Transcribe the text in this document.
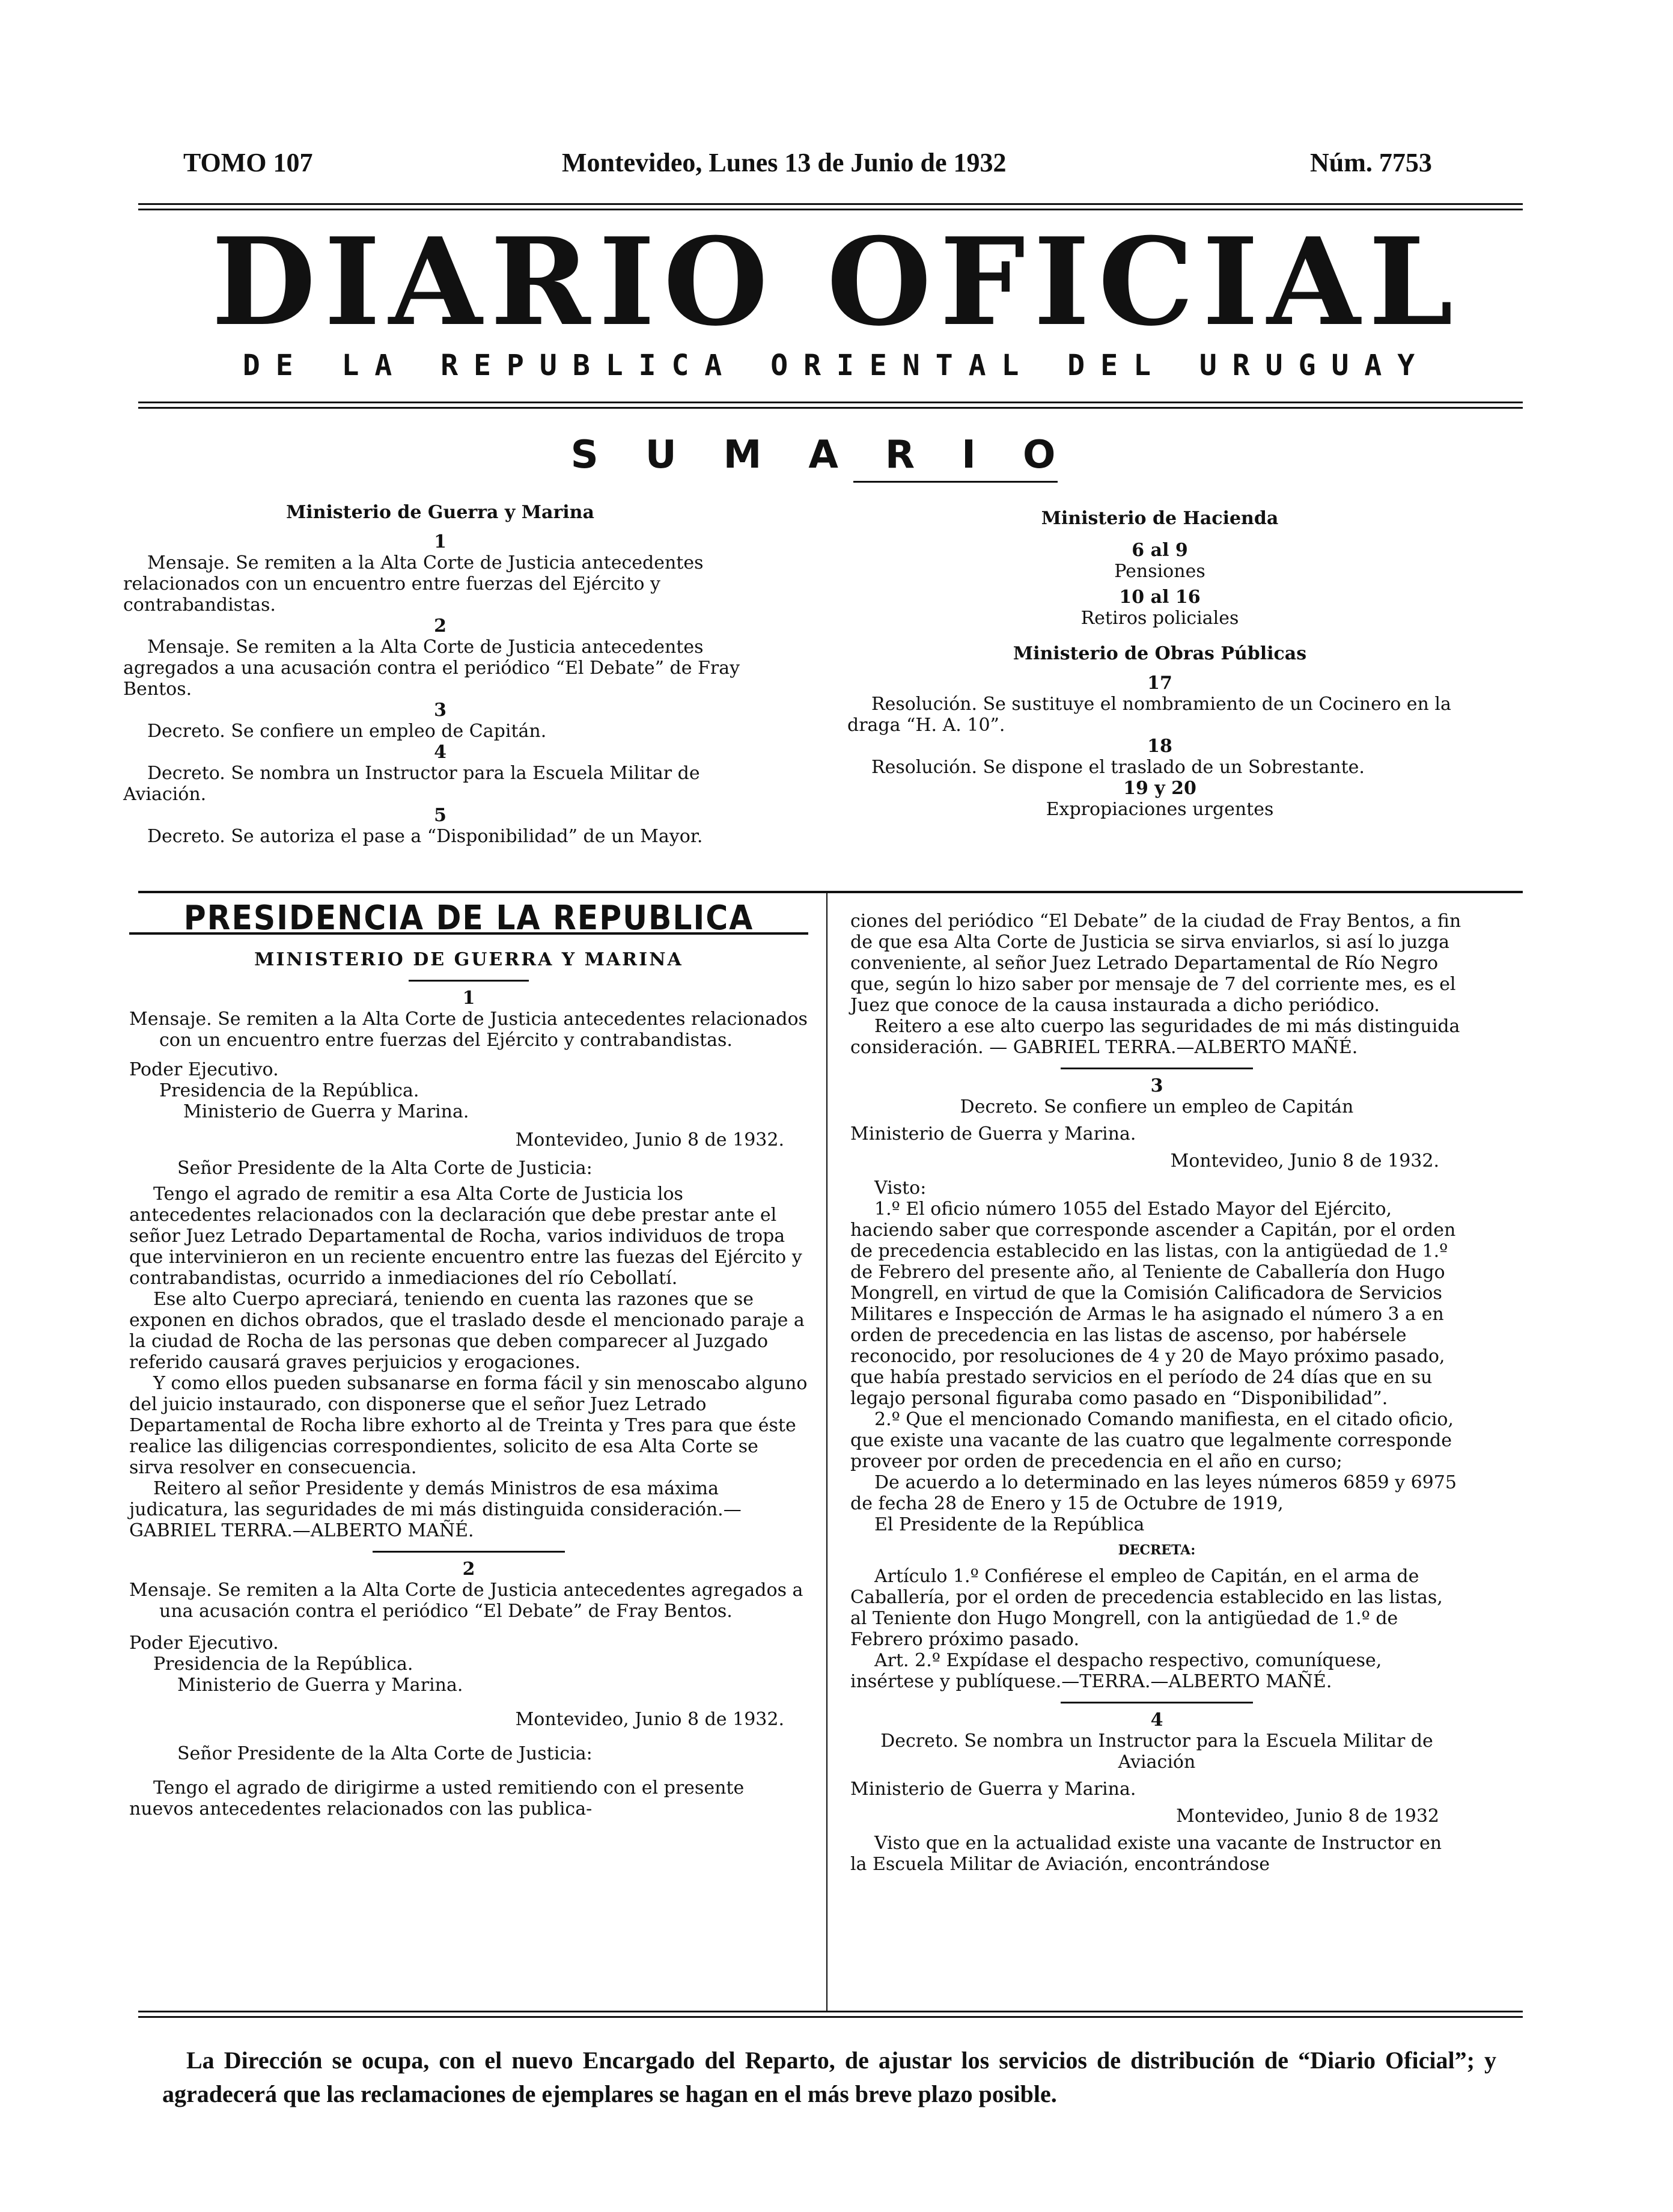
TOMO 107	Montevideo, Lunes 13 de Junio de 1932	Núm. 7753
DIARIO OFICIAL
DE LA REPUBLICA ORIENTAL DEL URUGUAY
SUMARIO

Ministerio de Guerra y Marina

1

Mensaje. Se remiten a la Alta Corte de Justicia antecedentes relacionados con un encuentro entre fuerzas del Ejército y contrabandistas.

2

Mensaje. Se remiten a la Alta Corte de Justicia antecedentes agregados a una acusación contra el periódico “El Debate” de Fray Bentos.

3

Decreto. Se confiere un empleo de Capitán.

4

Decreto. Se nombra un Instructor para la Escuela Militar de Aviación.

5

Decreto. Se autoriza el pase a “Disponibilidad” de un Mayor.

Ministerio de Hacienda

6 al 9

Pensiones

10 al 16

Retiros policiales

Ministerio de Obras Públicas

17

Resolución. Se sustituye el nombramiento de un Cocinero en la draga “H. A. 10”.

18

Resolución. Se dispone el traslado de un Sobrestante.

19 y 20

Expropiaciones urgentes

PRESIDENCIA DE LA REPUBLICA

MINISTERIO DE GUERRA Y MARINA

1

Mensaje. Se remiten a la Alta Corte de Justicia antecedentes relacionados con un encuentro entre fuerzas del Ejército y contrabandistas.

Poder Ejecutivo.

Presidencia de la República.

Ministerio de Guerra y Marina.

Montevideo, Junio 8 de 1932.

Señor Presidente de la Alta Corte de Justicia:

Tengo el agrado de remitir a esa Alta Corte de Justicia los antecedentes relacionados con la declaración que debe prestar ante el señor Juez Letrado Departamental de Rocha, varios individuos de tropa que intervinieron en un reciente encuentro entre las fuezas del Ejército y contrabandistas, ocurrido a inmediaciones del río Cebollatí.

Ese alto Cuerpo apreciará, teniendo en cuenta las razones que se exponen en dichos obrados, que el traslado desde el mencionado paraje a la ciudad de Rocha de las personas que deben comparecer al Juzgado referido causará graves perjuicios y erogaciones.

Y como ellos pueden subsanarse en forma fácil y sin menoscabo alguno del juicio instaurado, con disponerse que el señor Juez Letrado Departamental de Rocha libre exhorto al de Treinta y Tres para que éste realice las diligencias correspondientes, solicito de esa Alta Corte se sirva resolver en consecuencia.

Reitero al señor Presidente y demás Ministros de esa máxima judicatura, las seguridades de mi más distinguida consideración.—GABRIEL TERRA.—ALBERTO MAÑÉ.

2

Mensaje. Se remiten a la Alta Corte de Justicia antecedentes agregados a una acusación contra el periódico “El Debate” de Fray Bentos.

Poder Ejecutivo.

Presidencia de la República.

Ministerio de Guerra y Marina.

Montevideo, Junio 8 de 1932.

Señor Presidente de la Alta Corte de Justicia:

Tengo el agrado de dirigirme a usted remitiendo con el presente nuevos antecedentes relacionados con las publica-

ciones del periódico “El Debate” de la ciudad de Fray Bentos, a fin de que esa Alta Corte de Justicia se sirva enviarlos, si así lo juzga conveniente, al señor Juez Letrado Departamental de Río Negro que, según lo hizo saber por mensaje de 7 del corriente mes, es el Juez que conoce de la causa instaurada a dicho periódico.

Reitero a ese alto cuerpo las seguridades de mi más distinguida consideración. — GABRIEL TERRA.—ALBERTO MAÑÉ.

3

Decreto. Se confiere un empleo de Capitán

Ministerio de Guerra y Marina.

Montevideo, Junio 8 de 1932.

Visto:

1.º El oficio número 1055 del Estado Mayor del Ejército, haciendo saber que corresponde ascender a Capitán, por el orden de precedencia establecido en las listas, con la antigüedad de 1.º de Febrero del presente año, al Teniente de Caballería don Hugo Mongrell, en virtud de que la Comisión Calificadora de Servicios Militares e Inspección de Armas le ha asignado el número 3 a en orden de precedencia en las listas de ascenso, por habérsele reconocido, por resoluciones de 4 y 20 de Mayo próximo pasado, que había prestado servicios en el período de 24 días que en su legajo personal figuraba como pasado en “Disponibilidad”.

2.º Que el mencionado Comando manifiesta, en el citado oficio, que existe una vacante de las cuatro que legalmente corresponde proveer por orden de precedencia en el año en curso;

De acuerdo a lo determinado en las leyes números 6859 y 6975 de fecha 28 de Enero y 15 de Octubre de 1919,

El Presidente de la República

DECRETA:

Artículo 1.º Confiérese el empleo de Capitán, en el arma de Caballería, por el orden de precedencia establecido en las listas, al Teniente don Hugo Mongrell, con la antigüedad de 1.º de Febrero próximo pasado.

Art. 2.º Expídase el despacho respectivo, comuníquese, insértese y publíquese.—TERRA.—ALBERTO MAÑÉ.

4

Decreto. Se nombra un Instructor para la Escuela Militar de Aviación

Ministerio de Guerra y Marina.

Montevideo, Junio 8 de 1932

Visto que en la actualidad existe una vacante de Instructor en la Escuela Militar de Aviación, encontrándose

La Dirección se ocupa, con el nuevo Encargado del Reparto, de ajustar los servicios de distribución de “Diario Oficial”; y agradecerá que las reclamaciones de ejemplares se hagan en el más breve plazo posible.
